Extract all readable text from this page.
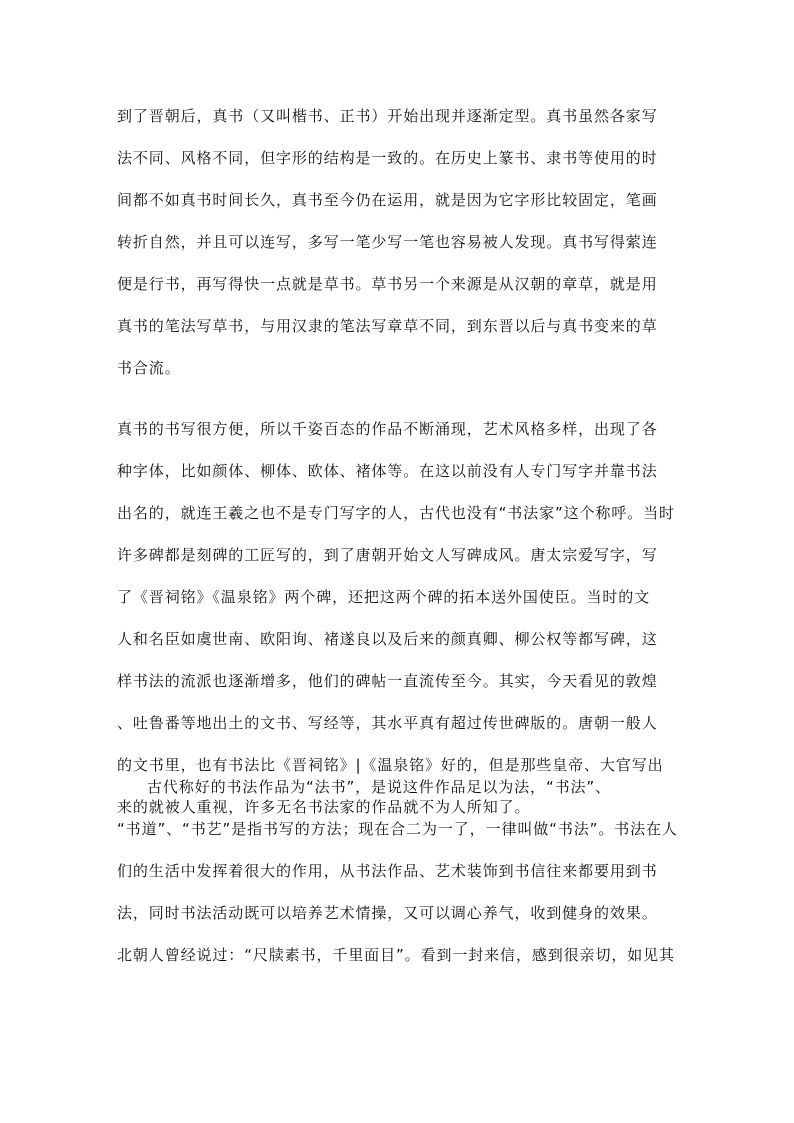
到了晋朝后，真书（又叫楷书、正书）开始出现并逐渐定型。真书虽然各家写
法不同、风格不同，但字形的结构是一致的。在历史上篆书、隶书等使用的时
间都不如真书时间长久，真书至今仍在运用，就是因为它字形比较固定，笔画
转折自然，并且可以连写，多写一笔少写一笔也容易被人发现。真书写得萦连
便是行书，再写得快一点就是草书。草书另一个来源是从汉朝的章草，就是用
真书的笔法写草书，与用汉隶的笔法写章草不同，到东晋以后与真书变来的草
书合流。
真书的书写很方便，所以千姿百态的作品不断涌现，艺术风格多样，出现了各
种字体，比如颜体、柳体、欧体、褚体等。在这以前没有人专门写字并靠书法
出名的，就连王羲之也不是专门写字的人，古代也没有“书法家”这个称呼。当时
许多碑都是刻碑的工匠写的，到了唐朝开始文人写碑成风。唐太宗爱写字，写
了《晋祠铭》《温泉铭》两个碑，还把这两个碑的拓本送外国使臣。当时的文
人和名臣如虞世南、欧阳询、褚遂良以及后来的颜真卿、柳公权等都写碑，这
样书法的流派也逐渐增多，他们的碑帖一直流传至今。其实，今天看见的敦煌
、吐鲁番等地出土的文书、写经等，其水平真有超过传世碑版的。唐朝一般人
的文书里，也有书法比《晋祠铭》|《温泉铭》好的，但是那些皇帝、大官写出
来的就被人重视，许多无名书法家的作品就不为人所知了。
古代称好的书法作品为“法书”，是说这件作品足以为法，“书法”、
“书道”、“书艺”是指书写的方法；现在合二为一了，一律叫做“书法”。书法在人
们的生活中发挥着很大的作用，从书法作品、艺术装饰到书信往来都要用到书
法，同时书法活动既可以培养艺术情操，又可以调心养气，收到健身的效果。
北朝人曾经说过：“尺牍素书，千里面目”。看到一封来信，感到很亲切，如见其
